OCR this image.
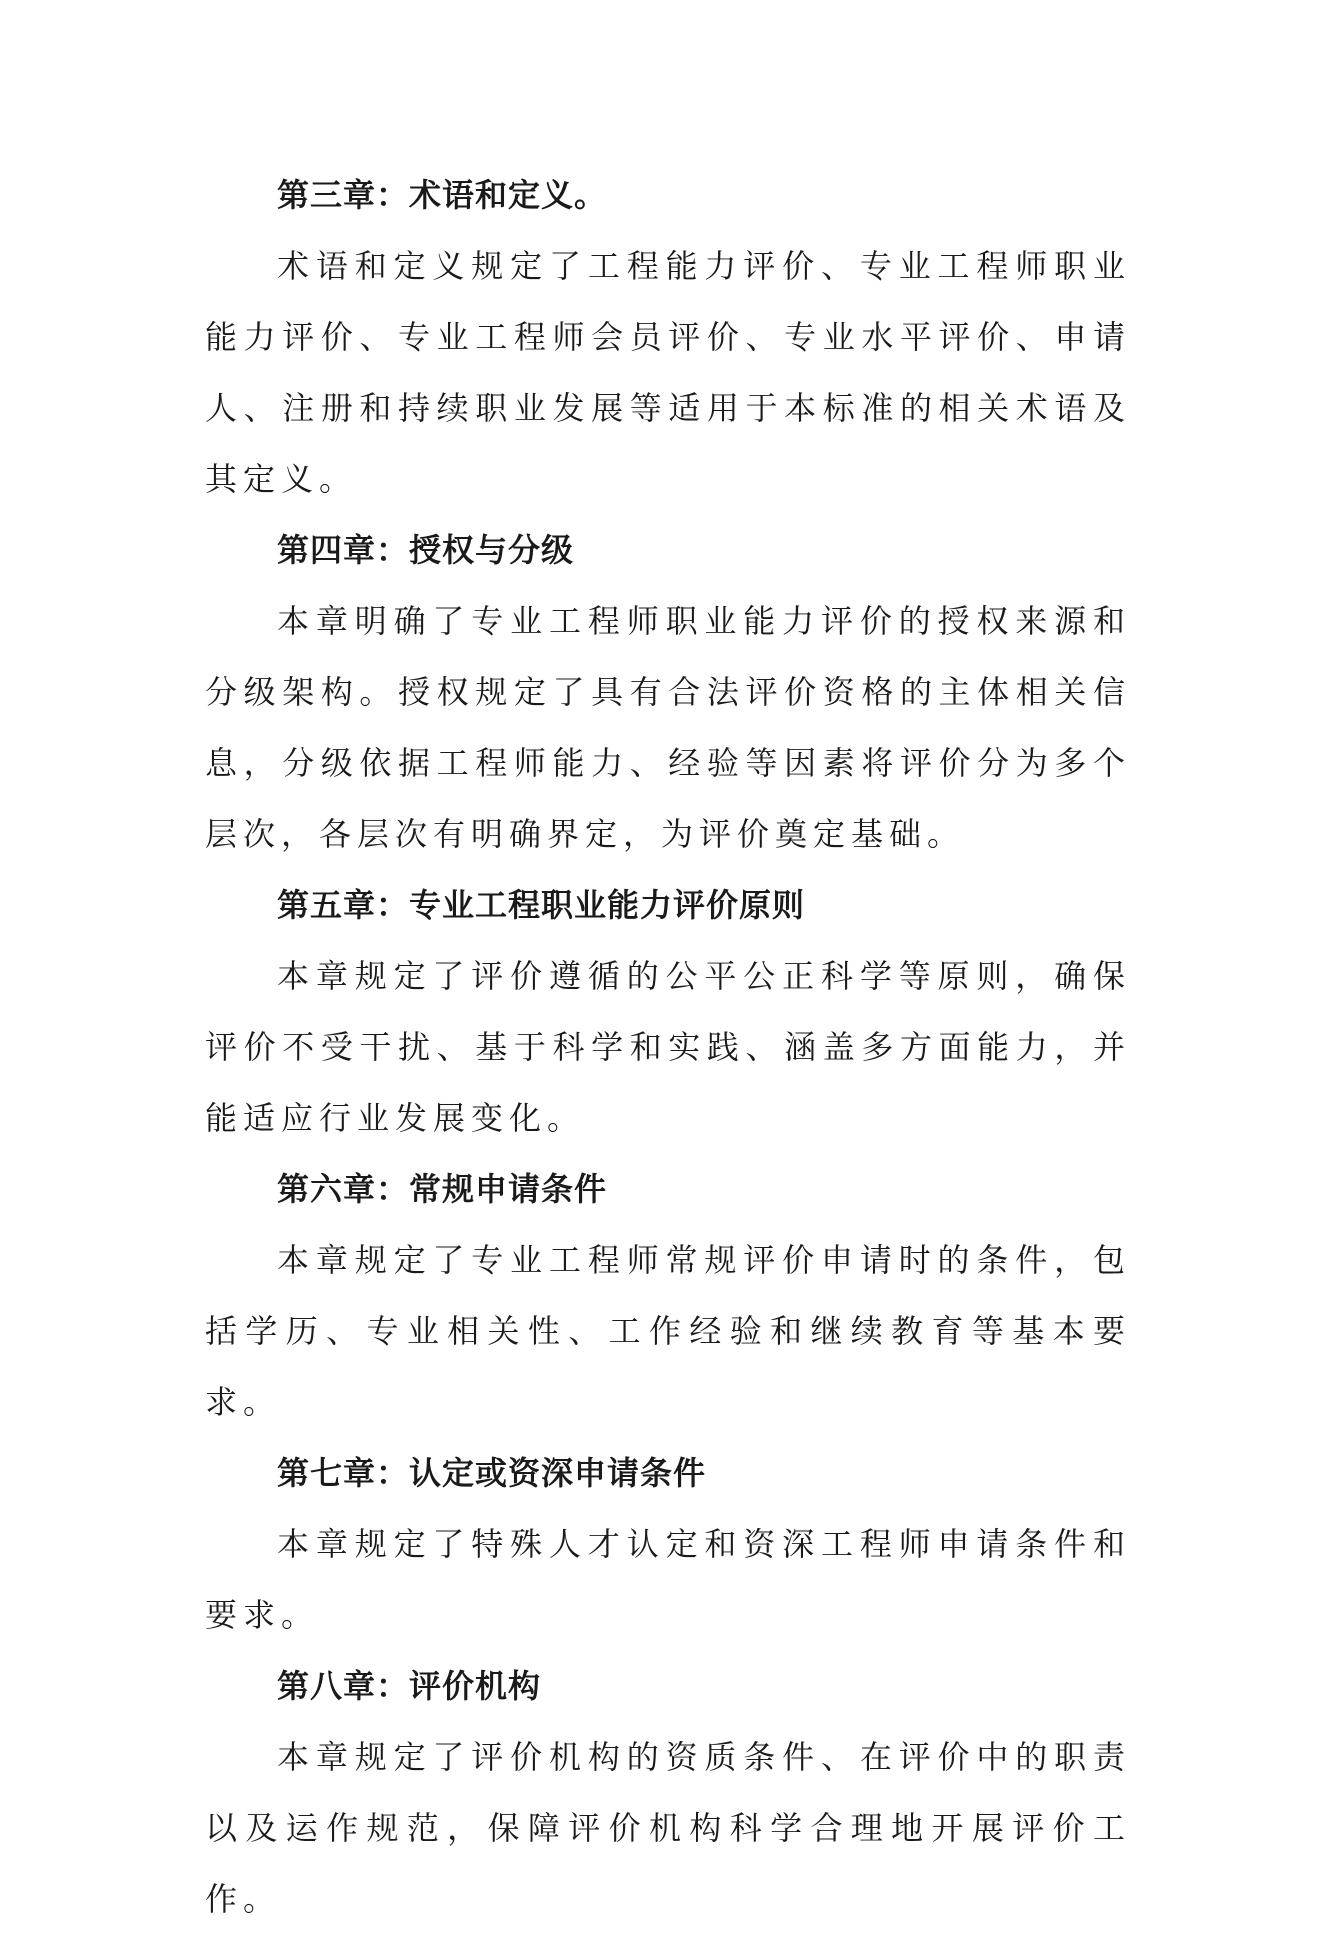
第三章：术语和定义。

术语和定义规定了工程能力评价、专业工程师职业能力评价、专业工程师会员评价、专业水平评价、申请人、注册和持续职业发展等适用于本标准的相关术语及其定义。

第四章：授权与分级

本章明确了专业工程师职业能力评价的授权来源和分级架构。授权规定了具有合法评价资格的主体相关信息，分级依据工程师能力、经验等因素将评价分为多个层次，各层次有明确界定，为评价奠定基础。

第五章：专业工程职业能力评价原则

本章规定了评价遵循的公平公正科学等原则，确保评价不受干扰、基于科学和实践、涵盖多方面能力，并能适应行业发展变化。

第六章：常规申请条件

本章规定了专业工程师常规评价申请时的条件，包括学历、专业相关性、工作经验和继续教育等基本要求。

第七章：认定或资深申请条件

本章规定了特殊人才认定和资深工程师申请条件和要求。

第八章：评价机构

本章规定了评价机构的资质条件、在评价中的职责以及运作规范，保障评价机构科学合理地开展评价工作。
